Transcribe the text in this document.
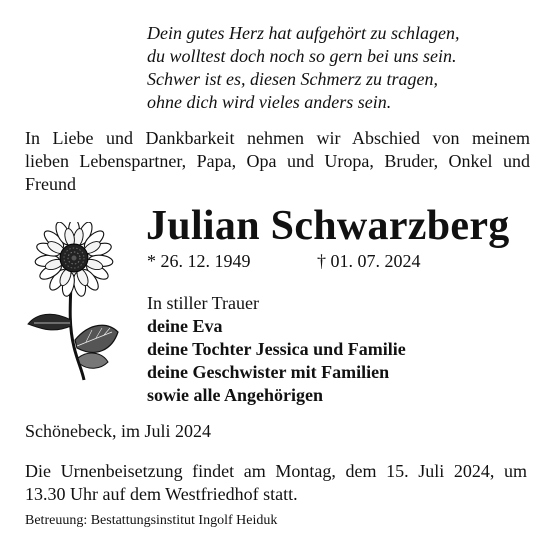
Dein gutes Herz hat aufgehört zu schlagen,
du wolltest doch noch so gern bei uns sein.
Schwer ist es, diesen Schmerz zu tragen,
ohne dich wird vieles anders sein.
In Liebe und Dankbarkeit nehmen wir Abschied von meinem
lieben Lebenspartner, Papa, Opa und Uropa, Bruder, Onkel und
Freund
Julian Schwarzberg
* 26. 12. 1949	† 01. 07. 2024
In stiller Trauer
deine Eva
deine Tochter Jessica und Familie
deine Geschwister mit Familien
sowie alle Angehörigen
Schönebeck, im Juli 2024
Die Urnenbeisetzung findet am Montag, dem 15. Juli 2024, um
13.30 Uhr auf dem Westfriedhof statt.
Betreuung: Bestattungsinstitut Ingolf Heiduk
